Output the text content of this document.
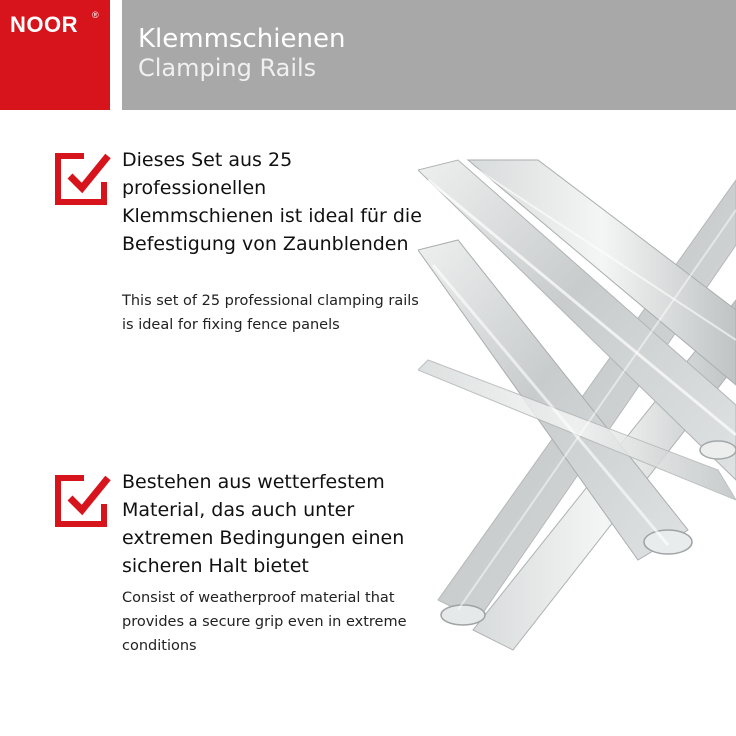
NOOR ®
Klemmschienen
Clamping Rails
Dieses Set aus 25 professionellen Klemmschienen ist ideal für die Befestigung von Zaunblenden
This set of 25 professional clamping rails is ideal for fixing fence panels
Bestehen aus wetterfestem Material, das auch unter extremen Bedingungen einen sicheren Halt bietet
Consist of weatherproof material that provides a secure grip even in extreme conditions
